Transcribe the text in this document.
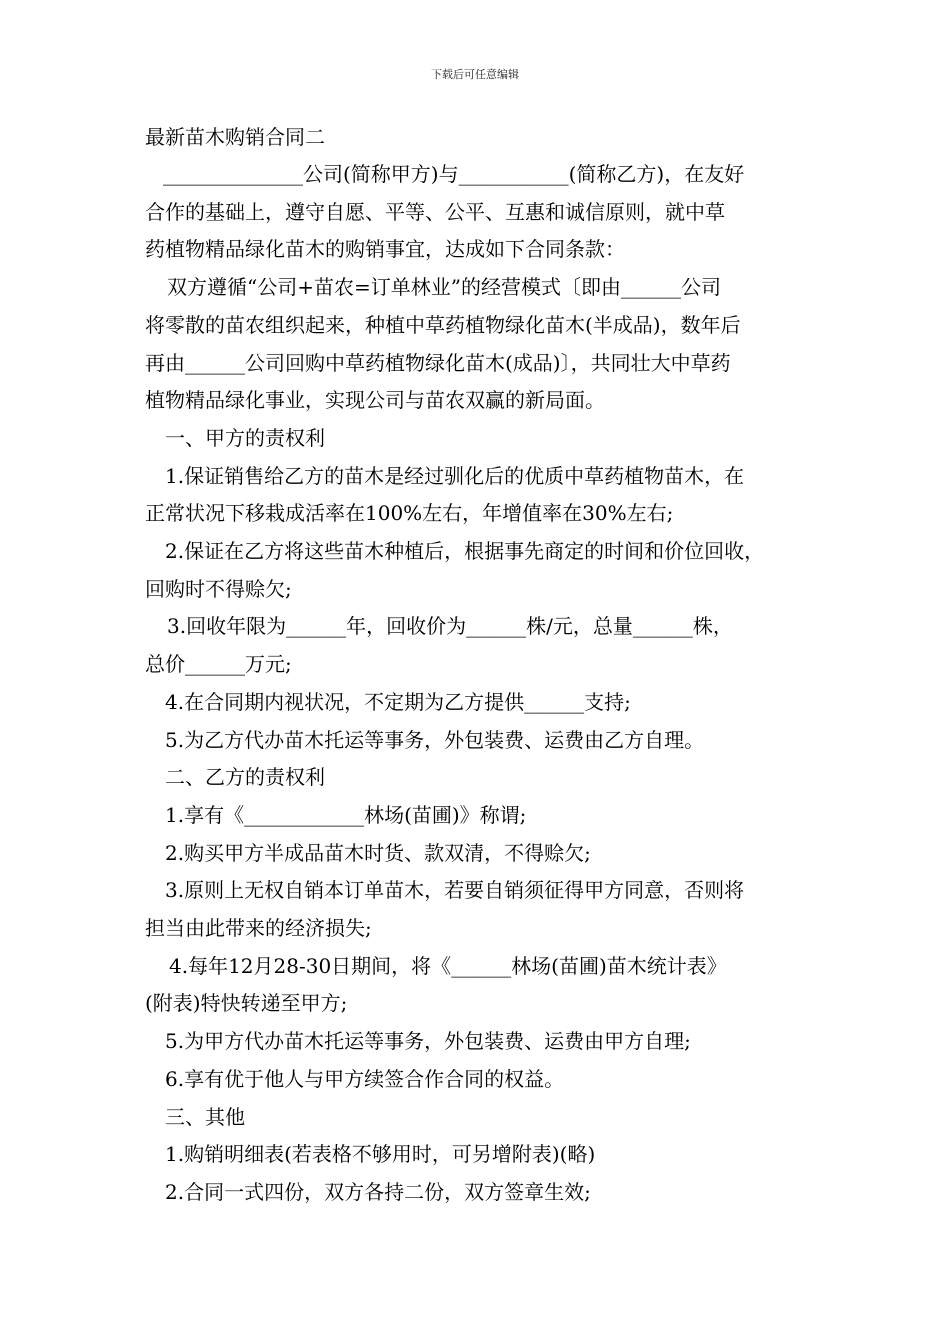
下载后可任意编辑
最新苗木购销合同二
______________公司(简称甲方)与___________(简称乙方)，在友好
合作的基础上，遵守自愿、平等、公平、互惠和诚信原则，就中草
药植物精品绿化苗木的购销事宜，达成如下合同条款：
双方遵循“公司+苗农=订单林业”的经营模式〔即由______公司
将零散的苗农组织起来，种植中草药植物绿化苗木(半成品)，数年后
再由______公司回购中草药植物绿化苗木(成品)〕，共同壮大中草药
植物精品绿化事业，实现公司与苗农双赢的新局面。
一、甲方的责权利
1.保证销售给乙方的苗木是经过驯化后的优质中草药植物苗木，在
正常状况下移栽成活率在100%左右，年增值率在30%左右;
2.保证在乙方将这些苗木种植后，根据事先商定的时间和价位回收，
回购时不得赊欠;
3.回收年限为______年，回收价为______株/元，总量______株，
总价______万元;
4.在合同期内视状况，不定期为乙方提供______支持;
5.为乙方代办苗木托运等事务，外包装费、运费由乙方自理。
二、乙方的责权利
1.享有《____________林场(苗圃)》称谓;
2.购买甲方半成品苗木时货、款双清，不得赊欠;
3.原则上无权自销本订单苗木，若要自销须征得甲方同意，否则将
担当由此带来的经济损失;
4.每年12月28-30日期间，将《______林场(苗圃)苗木统计表》
(附表)特快转递至甲方;
5.为甲方代办苗木托运等事务，外包装费、运费由甲方自理;
6.享有优于他人与甲方续签合作合同的权益。
三、其他
1.购销明细表(若表格不够用时，可另增附表)(略)
2.合同一式四份，双方各持二份，双方签章生效;
